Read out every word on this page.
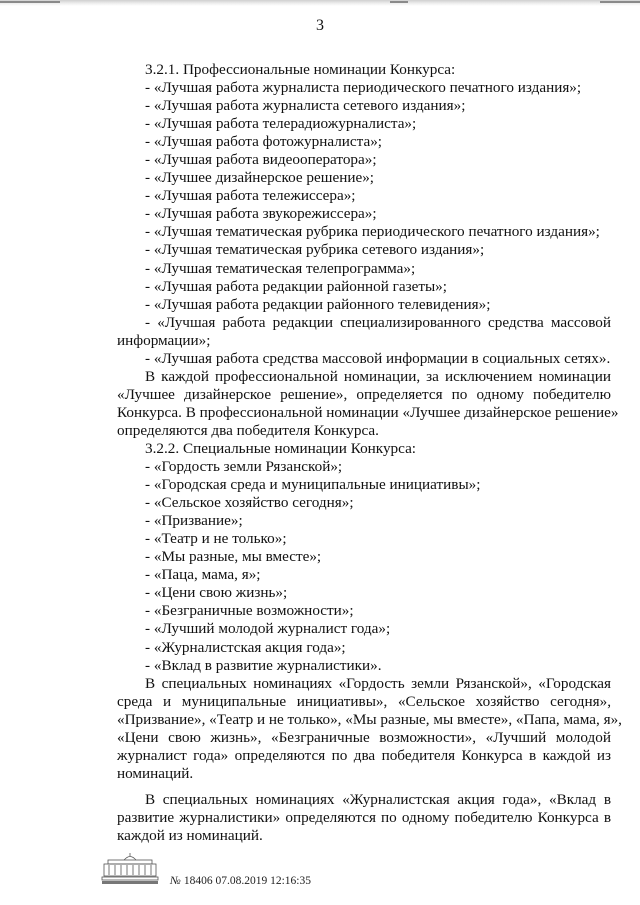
3
3.2.1. Профессиональные номинации Конкурса:
- «Лучшая работа журналиста периодического печатного издания»;
- «Лучшая работа журналиста сетевого издания»;
- «Лучшая работа телерадиожурналиста»;
- «Лучшая работа фотожурналиста»;
- «Лучшая работа видеооператора»;
- «Лучшее дизайнерское решение»;
- «Лучшая работа тележиссера»;
- «Лучшая работа звукорежиссера»;
- «Лучшая тематическая рубрика периодического печатного издания»;
- «Лучшая тематическая рубрика сетевого издания»;
- «Лучшая тематическая телепрограмма»;
- «Лучшая работа редакции районной газеты»;
- «Лучшая работа редакции районного телевидения»;
- «Лучшая работа редакции специализированного средства массовой
информации»;
- «Лучшая работа средства массовой информации в социальных сетях».
В каждой профессиональной номинации, за исключением номинации
«Лучшее дизайнерское решение», определяется по одному победителю
Конкурса. В профессиональной номинации «Лучшее дизайнерское решение»
определяются два победителя Конкурса.
3.2.2. Специальные номинации Конкурса:
- «Гордость земли Рязанской»;
- «Городская среда и муниципальные инициативы»;
- «Сельское хозяйство сегодня»;
- «Призвание»;
- «Театр и не только»;
- «Мы разные, мы вместе»;
- «Паца, мама, я»;
- «Цени свою жизнь»;
- «Безграничные возможности»;
- «Лучший молодой журналист года»;
- «Журналистская акция года»;
- «Вклад в развитие журналистики».
В специальных номинациях «Гордость земли Рязанской», «Городская
среда и муниципальные инициативы», «Сельское хозяйство сегодня»,
«Призвание», «Театр и не только», «Мы разные, мы вместе», «Папа, мама, я»,
«Цени свою жизнь», «Безграничные возможности», «Лучший молодой
журналист года» определяются по два победителя Конкурса в каждой из
номинаций.
В специальных номинациях «Журналистская акция года», «Вклад в
развитие журналистики» определяются по одному победителю Конкурса в
каждой из номинаций.
№ 18406 07.08.2019 12:16:35
